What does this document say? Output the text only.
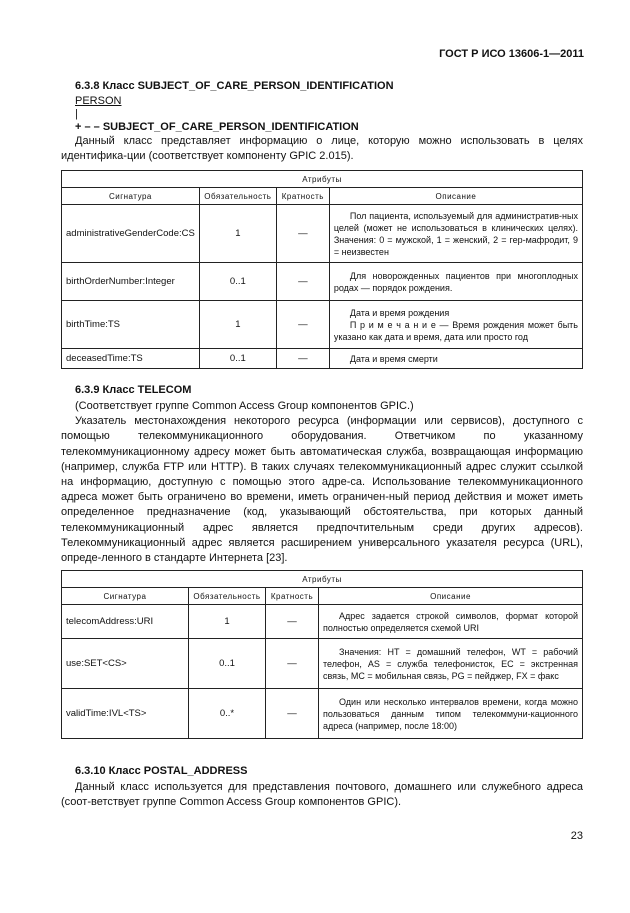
ГОСТ Р ИСО 13606-1—2011
6.3.8 Класс SUBJECT_OF_CARE_PERSON_IDENTIFICATION
PERSON
|
+ – – SUBJECT_OF_CARE_PERSON_IDENTIFICATION

Данный класс представляет информацию о лице, которую можно использовать в целях идентифика-ции (соответствует компоненту GPIC 2.015).

Атрибуты			
Сигнатура	Обязательность	Кратность	Описание
administrativeGenderCode:CS	1	—	Пол пациента, используемый для административ-ных целей (может не использоваться в клинических целях). Значения: 0 = мужской, 1 = женский, 2 = гер-мафродит, 9 = неизвестен

birthOrderNumber:Integer	0..1	—	Для новорожденных пациентов при многоплодных родах — порядок рождения.

birthTime:TS	1	—	Дата и время рождения
П р и м е ч а н и е — Время рождения может быть указано как дата и время, дата или просто год

deceasedTime:TS	0..1	—	Дата и время смерти
6.3.9 Класс TELECOM

(Соответствует группе Common Access Group компонентов GPIC.)

Указатель местонахождения некоторого ресурса (информации или сервисов), доступного с помощью телекоммуникационного оборудования. Ответчиком по указанному телекоммуникационному адресу может быть автоматическая служба, возвращающая информацию (например, служба FTP или HTTP). В таких случаях телекоммуникационный адрес служит ссылкой на информацию, доступную с помощью этого адре-са. Использование телекоммуникационного адреса может быть ограничено во времени, иметь ограничен-ный период действия и может иметь определенное предназначение (код, указывающий обстоятельства, при которых данный телекоммуникационный адрес является предпочтительным среди других адресов). Телекоммуникационный адрес является расширением универсального указателя ресурса (URL), опреде-ленного в стандарте Интернета [23].

Атрибуты			
Сигнатура	Обязательность	Кратность	Описание
telecomAddress:URI	1	—	Адрес задается строкой символов, формат которой полностью определяется схемой URI

use:SET<CS>	0..1	—	Значения: HT = домашний телефон, WT = рабочий телефон, AS = служба телефонисток, EC = экстренная связь, MC = мобильная связь, PG = пейджер, FX = факс

validTime:IVL<TS>	0..*	—	Один или несколько интервалов времени, когда можно пользоваться данным типом телекоммуни-кационного адреса (например, после 18:00)
6.3.10 Класс POSTAL_ADDRESS

Данный класс используется для представления почтового, домашнего или служебного адреса (соот-ветствует группе Common Access Group компонентов GPIC).

23
